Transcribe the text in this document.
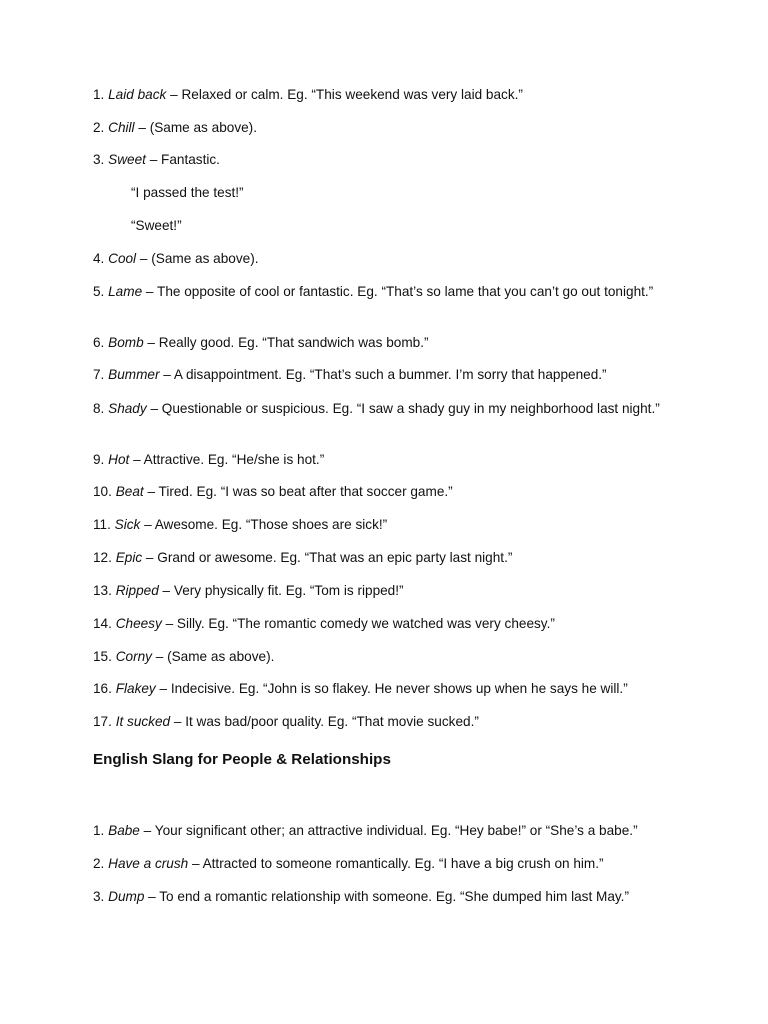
1. Laid back – Relaxed or calm. Eg. “This weekend was very laid back.”

2. Chill – (Same as above).

3. Sweet – Fantastic.

“I passed the test!”

“Sweet!”

4. Cool – (Same as above).

5. Lame – The opposite of cool or fantastic. Eg. “That’s so lame that you can’t go out tonight.”

6. Bomb – Really good. Eg. “That sandwich was bomb.”

7. Bummer – A disappointment. Eg. “That’s such a bummer. I’m sorry that happened.”

8. Shady – Questionable or suspicious. Eg. “I saw a shady guy in my neighborhood last night.”

9. Hot – Attractive. Eg. “He/she is hot.”

10. Beat – Tired. Eg. “I was so beat after that soccer game.”

11. Sick – Awesome. Eg. “Those shoes are sick!”

12. Epic – Grand or awesome. Eg. “That was an epic party last night.”

13. Ripped – Very physically fit. Eg. “Tom is ripped!”

14. Cheesy – Silly. Eg. “The romantic comedy we watched was very cheesy.”

15. Corny – (Same as above).

16. Flakey – Indecisive. Eg. “John is so flakey. He never shows up when he says he will.”

17. It sucked – It was bad/poor quality. Eg. “That movie sucked.”

English Slang for People & Relationships

1. Babe – Your significant other; an attractive individual. Eg. “Hey babe!” or “She’s a babe.”

2. Have a crush – Attracted to someone romantically. Eg. “I have a big crush on him.”

3. Dump – To end a romantic relationship with someone. Eg. “She dumped him last May.”
